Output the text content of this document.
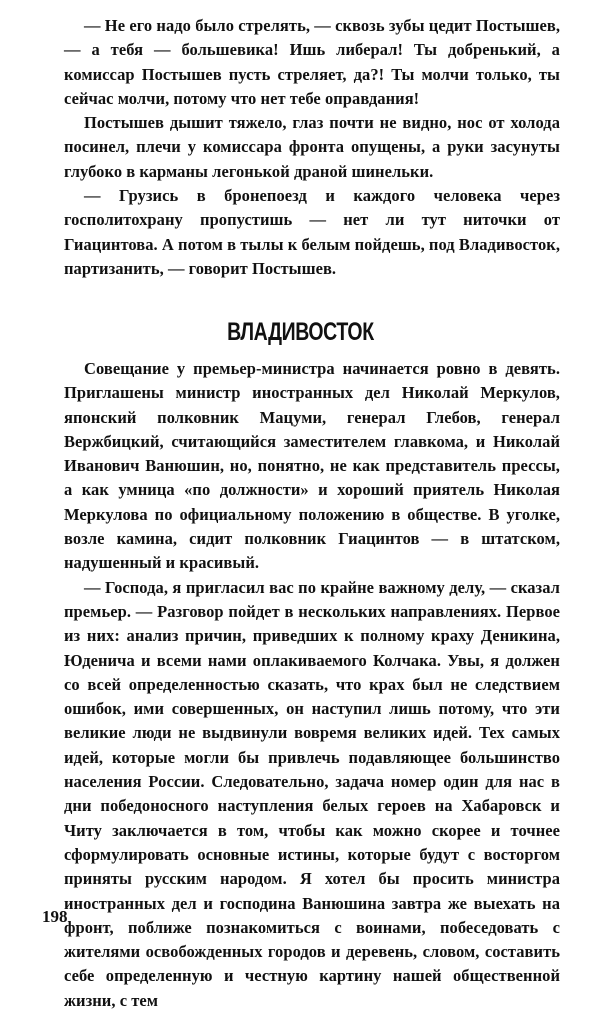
— Не его надо было стрелять, — сквозь зубы цедит Постышев, — а тебя — большевика! Ишь либерал! Ты добренький, а комиссар Постышев пусть стреляет, да?! Ты молчи только, ты сейчас молчи, потому что нет тебе оправдания!

Постышев дышит тяжело, глаз почти не видно, нос от холода посинел, плечи у комиссара фронта опущены, а руки засунуты глубоко в карманы легонькой драной шинельки.

— Грузись в бронепоезд и каждого человека через госполитохрану пропустишь — нет ли тут ниточки от Гиацинтова. А потом в тылы к белым пойдешь, под Владивосток, партизанить, — говорит Постышев.

ВЛАДИВОСТОК

Совещание у премьер-министра начинается ровно в девять. Приглашены министр иностранных дел Николай Меркулов, японский полковник Мацуми, генерал Глебов, генерал Вержбицкий, считающийся заместителем главкома, и Николай Иванович Ванюшин, но, понятно, не как представитель прессы, а как умница «по должности» и хороший приятель Николая Меркулова по официальному положению в обществе. В уголке, возле камина, сидит полковник Гиацинтов — в штатском, надушенный и красивый.

— Господа, я пригласил вас по крайне важному делу, — сказал премьер. — Разговор пойдет в нескольких направлениях. Первое из них: анализ причин, приведших к полному краху Деникина, Юденича и всеми нами оплакиваемого Колчака. Увы, я должен со всей определенностью сказать, что крах был не следствием ошибок, ими совершенных, он наступил лишь потому, что эти великие люди не выдвинули вовремя великих идей. Тех самых идей, которые могли бы привлечь подавляющее большинство населения России. Следовательно, задача номер один для нас в дни победоносного наступления белых героев на Хабаровск и Читу заключается в том, чтобы как можно скорее и точнее сформулировать основные истины, которые будут с восторгом приняты русским народом. Я хотел бы просить министра иностранных дел и господина Ванюшина завтра же выехать на фронт, поближе познакомиться с воинами, побеседовать с жителями освобожденных городов и деревень, словом, составить себе определенную и честную картину нашей общественной жизни, с тем

198
